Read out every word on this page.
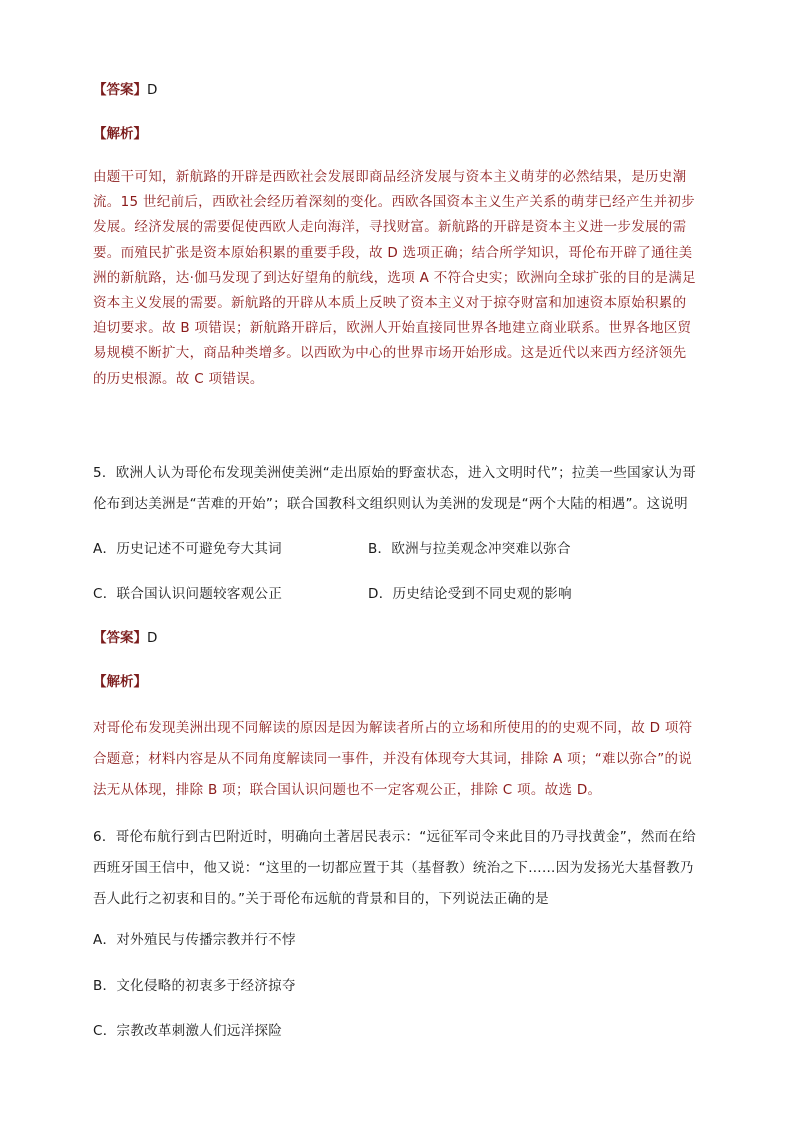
【答案】D
【解析】
由题干可知，新航路的开辟是西欧社会发展即商品经济发展与资本主义萌芽的必然结果，是历史潮
流。15 世纪前后，西欧社会经历着深刻的变化。西欧各国资本主义生产关系的萌芽已经产生并初步
发展。经济发展的需要促使西欧人走向海洋，寻找财富。新航路的开辟是资本主义进一步发展的需
要。而殖民扩张是资本原始积累的重要手段，故 D 选项正确；结合所学知识，哥伦布开辟了通往美
洲的新航路，达·伽马发现了到达好望角的航线，选项 A 不符合史实；欧洲向全球扩张的目的是满足
资本主义发展的需要。新航路的开辟从本质上反映了资本主义对于掠夺财富和加速资本原始积累的
迫切要求。故 B 项错误；新航路开辟后，欧洲人开始直接同世界各地建立商业联系。世界各地区贸
易规模不断扩大，商品种类增多。以西欧为中心的世界市场开始形成。这是近代以来西方经济领先
的历史根源。故 C 项错误。
5．欧洲人认为哥伦布发现美洲使美洲“走出原始的野蛮状态，进入文明时代”；拉美一些国家认为哥
伦布到达美洲是“苦难的开始”；联合国教科文组织则认为美洲的发现是“两个大陆的相遇”。这说明
A．历史记述不可避免夸大其词	B．欧洲与拉美观念冲突难以弥合
C．联合国认识问题较客观公正	D．历史结论受到不同史观的影响
【答案】D
【解析】
对哥伦布发现美洲出现不同解读的原因是因为解读者所占的立场和所使用的的史观不同，故 D 项符
合题意；材料内容是从不同角度解读同一事件，并没有体现夸大其词，排除 A 项；“难以弥合”的说
法无从体现，排除 B 项；联合国认识问题也不一定客观公正，排除 C 项。故选 D。
6．哥伦布航行到古巴附近时，明确向土著居民表示：“远征军司令来此目的乃寻找黄金”，然而在给
西班牙国王信中，他又说：“这里的一切都应置于其（基督教）统治之下……因为发扬光大基督教乃
吾人此行之初衷和目的。”关于哥伦布远航的背景和目的，下列说法正确的是
A．对外殖民与传播宗教并行不悖
B．文化侵略的初衷多于经济掠夺
C．宗教改革刺激人们远洋探险
